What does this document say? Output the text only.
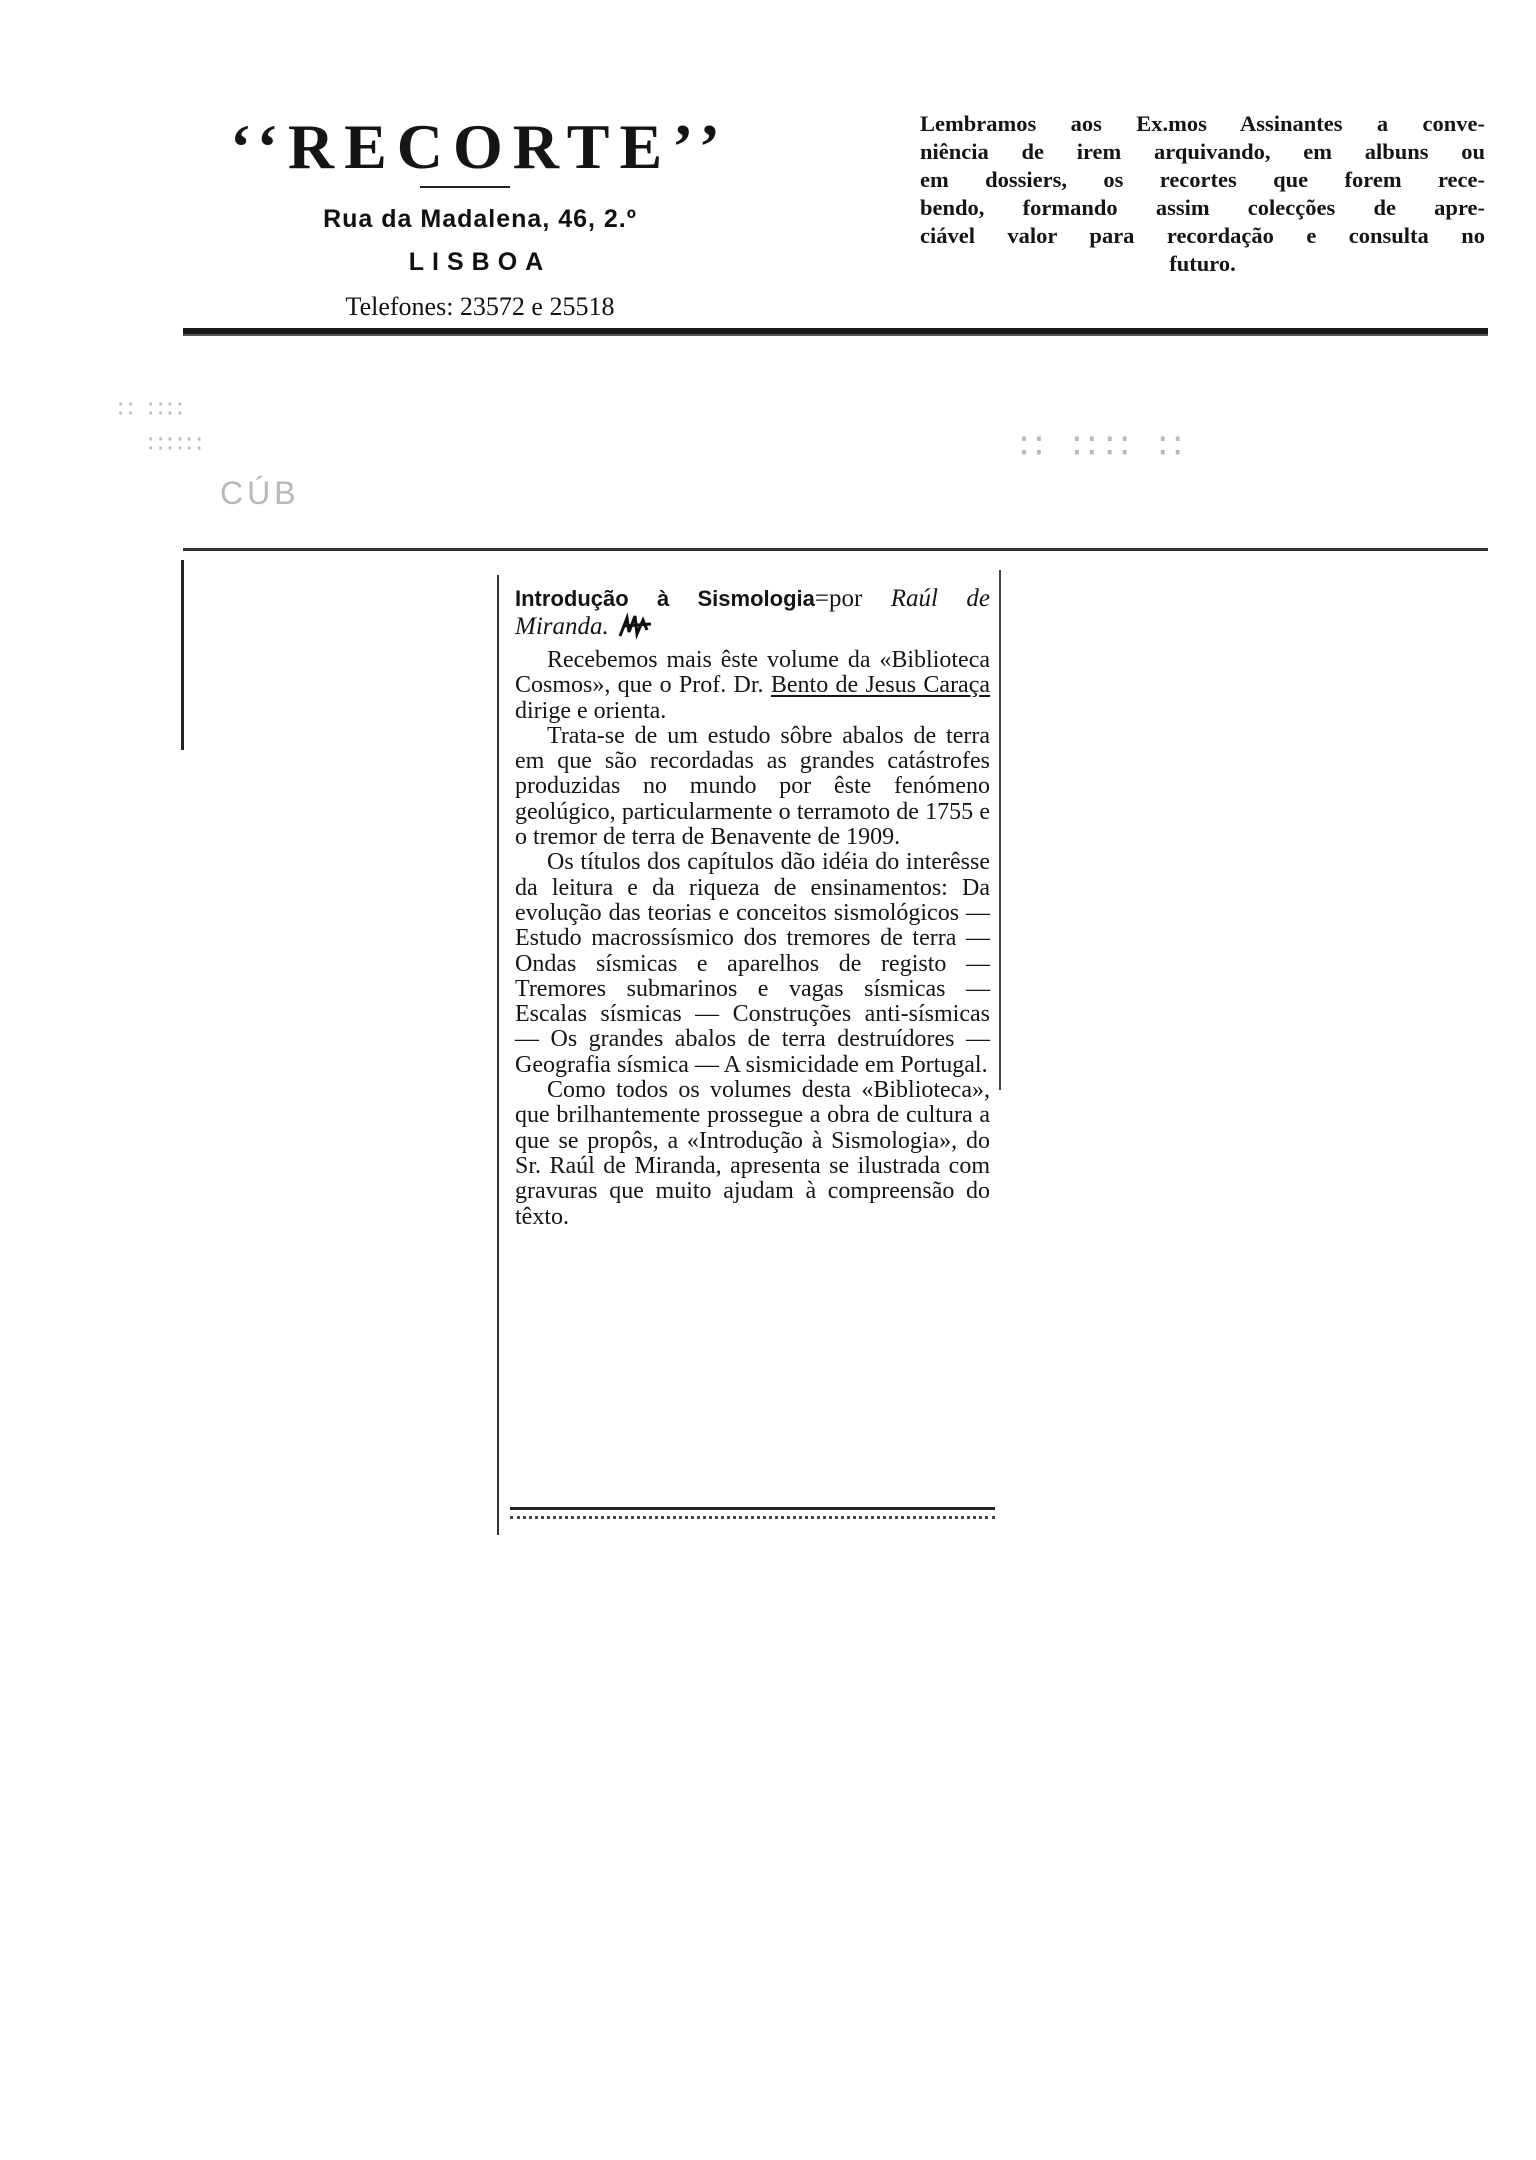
‘‘RECORTE’’
Rua da Madalena, 46, 2.º
LISBOA
Telefones: 23572 e 25518
Lembramos aos Ex.mos Assinantes a conve-
niência de irem arquivando, em albuns ou
em dossiers, os recortes que forem rece-
bendo, formando assim colecções de apre-
ciável valor para recordação e consulta no
futuro.
∷ ∷∷
∷∷∷
CÚB
∷ ∷∷ ∷

Introdução à Sismologia=por Raúl de Miranda.

Recebemos mais êste volume da «Biblioteca Cosmos», que o Prof. Dr. Bento de Jesus Caraça dirige e orienta.

Trata-se de um estudo sôbre abalos de terra em que são recordadas as grandes catástrofes produzidas no mundo por êste fenómeno geolúgico, particularmente o terramoto de 1755 e o tremor de terra de Benavente de 1909.

Os títulos dos capítulos dão idéia do interêsse da leitura e da riqueza de ensinamentos: Da evolução das teorias e conceitos sismológicos — Estudo macrossísmico dos tremores de terra — Ondas sísmicas e aparelhos de registo — Tremores submarinos e vagas sísmicas — Escalas sísmicas — Construções anti-sísmicas — Os grandes abalos de terra destruídores — Geografia sísmica — A sismicidade em Portugal.

Como todos os volumes desta «Biblioteca», que brilhantemente prossegue a obra de cultura a que se propôs, a «Introdução à Sismologia», do Sr. Raúl de Miranda, apresenta se ilustrada com gravuras que muito ajudam à compreensão do têxto.
